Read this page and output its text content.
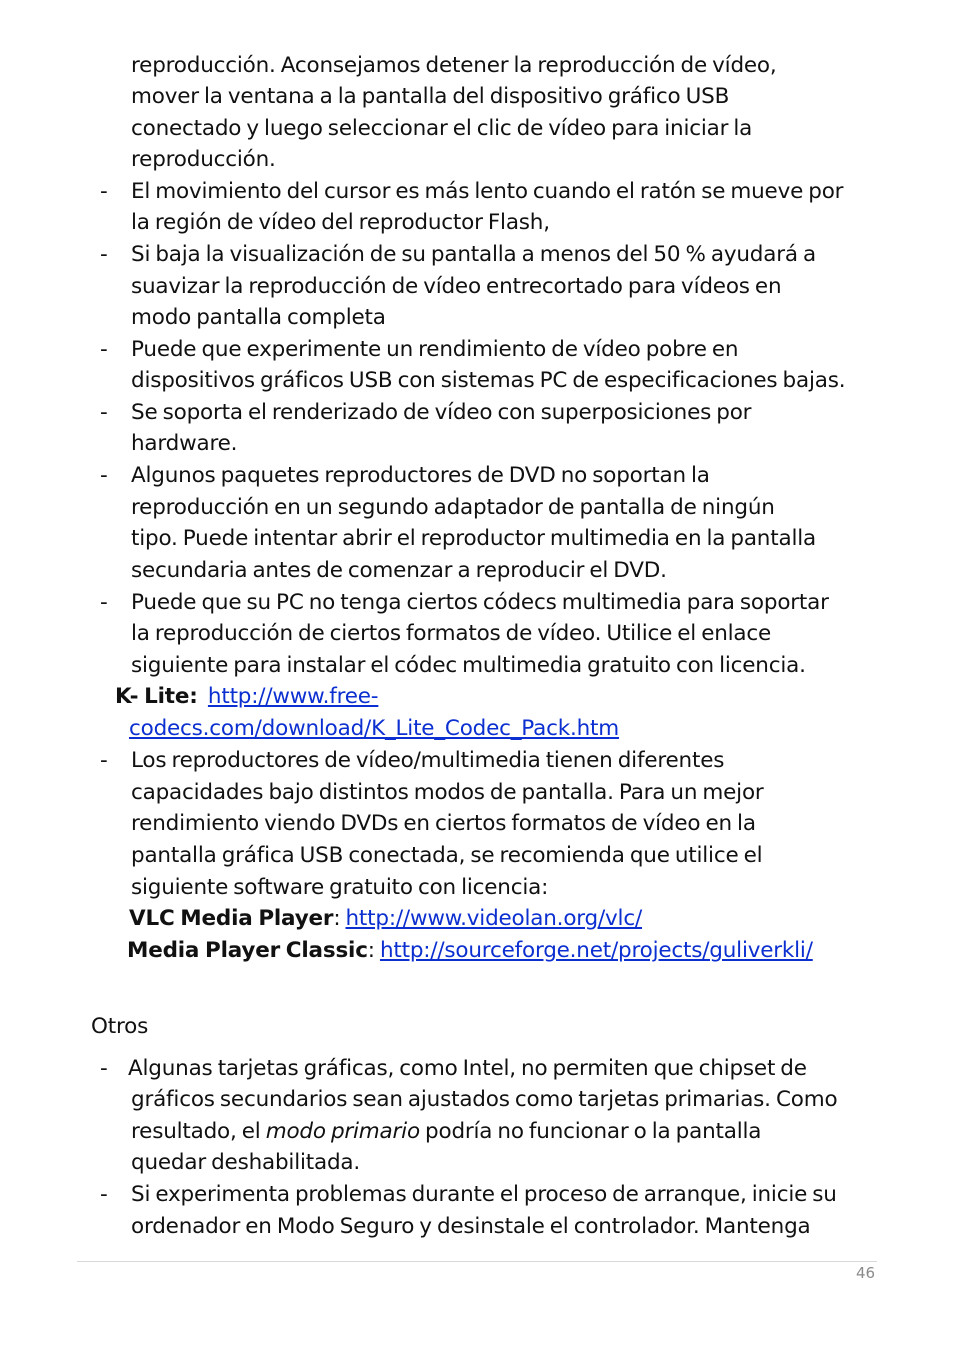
reproducción. Aconsejamos detener la reproducción de vídeo,
mover la ventana a la pantalla del dispositivo gráfico USB
conectado y luego seleccionar el clic de vídeo para iniciar la
reproducción.
- El movimiento del cursor es más lento cuando el ratón se mueve por
la región de vídeo del reproductor Flash,
- Si baja la visualización de su pantalla a menos del 50 % ayudará a
suavizar la reproducción de vídeo entrecortado para vídeos en
modo pantalla completa
- Puede que experimente un rendimiento de vídeo pobre en
dispositivos gráficos USB con sistemas PC de especificaciones bajas.
- Se soporta el renderizado de vídeo con superposiciones por
hardware.
- Algunos paquetes reproductores de DVD no soportan la
reproducción en un segundo adaptador de pantalla de ningún
tipo. Puede intentar abrir el reproductor multimedia en la pantalla
secundaria antes de comenzar a reproducir el DVD.
- Puede que su PC no tenga ciertos códecs multimedia para soportar
la reproducción de ciertos formatos de vídeo. Utilice el enlace
siguiente para instalar el códec multimedia gratuito con licencia.
K- Lite: http://www.free-
codecs.com/download/K_Lite_Codec_Pack.htm
- Los reproductores de vídeo/multimedia tienen diferentes
capacidades bajo distintos modos de pantalla. Para un mejor
rendimiento viendo DVDs en ciertos formatos de vídeo en la
pantalla gráfica USB conectada, se recomienda que utilice el
siguiente software gratuito con licencia:
VLC Media Player: http://www.videolan.org/vlc/
Media Player Classic: http://sourceforge.net/projects/guliverkli/
Otros
- Algunas tarjetas gráficas, como Intel, no permiten que chipset de
gráficos secundarios sean ajustados como tarjetas primarias. Como
resultado, el modo primario podría no funcionar o la pantalla
quedar deshabilitada.
- Si experimenta problemas durante el proceso de arranque, inicie su
ordenador en Modo Seguro y desinstale el controlador. Mantenga
46
